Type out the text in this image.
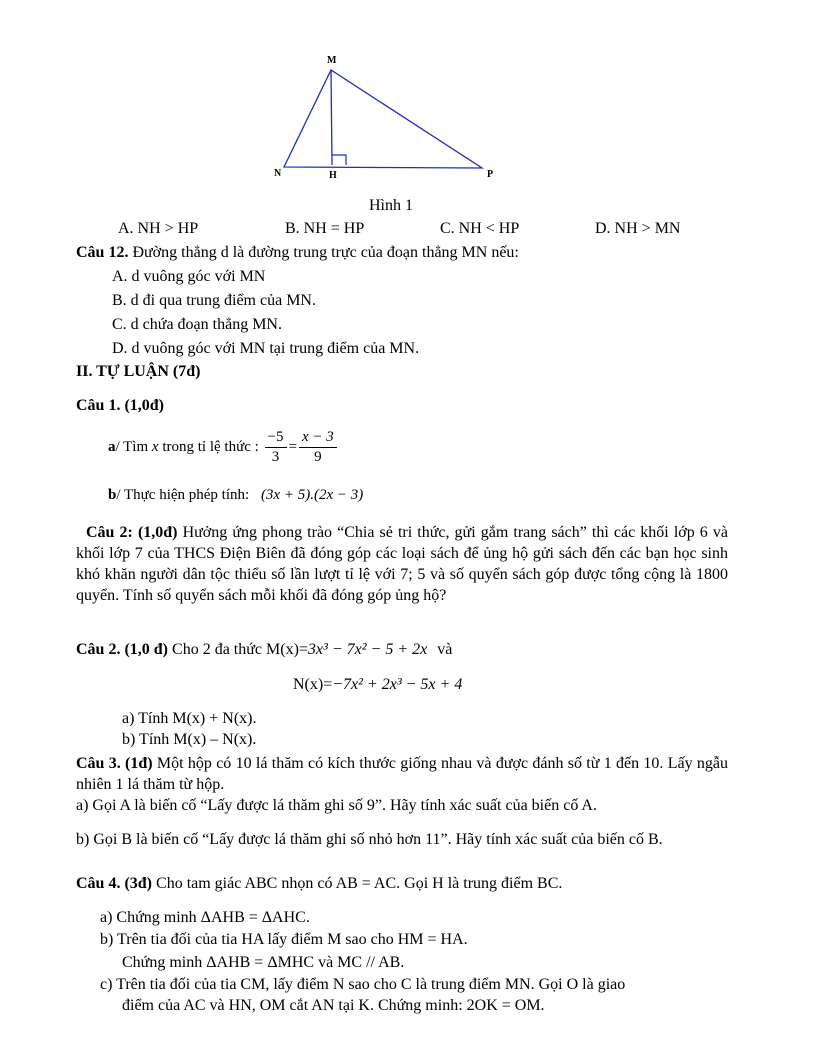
M
N	H	P
Hình 1
A. NH > HP	B. NH = HP	C. NH < HP	D. NH > MN
Câu 12. Đường thẳng d là đường trung trực của đoạn thẳng MN nếu:
A. d vuông góc với MN
B. d đi qua trung điểm của MN.
C. d chứa đoạn thẳng MN.
D. d vuông góc với MN tại trung điểm của MN.
II. TỰ LUẬN (7đ)
Câu 1. (1,0đ)
a/ Tìm x trong tỉ lệ thức : $\frac{-5}{3} = \frac{x - 3}{9}$
b/ Thực hiện phép tính: (3x + 5).(2x − 3)
Câu 2: (1,0đ) Hưởng ứng phong trào “Chia sẻ tri thức, gửi gắm trang sách” thì các khối lớp 6 và khối lớp 7 của THCS Điện Biên đã đóng góp các loại sách để ủng hộ gửi sách đến các bạn học sinh khó khăn người dân tộc thiểu số lần lượt tỉ lệ với 7; 5 và số quyển sách góp được tổng cộng là 1800 quyển. Tính số quyển sách mỗi khối đã đóng góp ủng hộ?
Câu 2. (1,0 đ) Cho 2 đa thức M(x)=3x³ − 7x² − 5 + 2x và
N(x)=−7x² + 2x³ − 5x + 4
a) Tính M(x) + N(x).
b) Tính M(x) – N(x).
Câu 3. (1đ) Một hộp có 10 lá thăm có kích thước giống nhau và được đánh số từ 1 đến 10. Lấy ngẫu nhiên 1 lá thăm từ hộp.
a) Gọi A là biến cố “Lấy được lá thăm ghi số 9”. Hãy tính xác suất của biến cố A.
b) Gọi B là biến cố “Lấy được lá thăm ghi số nhỏ hơn 11”. Hãy tính xác suất của biến cố B.
Câu 4. (3đ) Cho tam giác ABC nhọn có AB = AC. Gọi H là trung điểm BC.
a) Chứng minh ΔAHB = ΔAHC.
b) Trên tia đối của tia HA lấy điểm M sao cho HM = HA.
Chứng minh ΔAHB = ΔMHC và MC // AB.
c) Trên tia đối của tia CM, lấy điểm N sao cho C là trung điểm MN. Gọi O là giao
điểm của AC và HN, OM cắt AN tại K. Chứng minh: 2OK = OM.
